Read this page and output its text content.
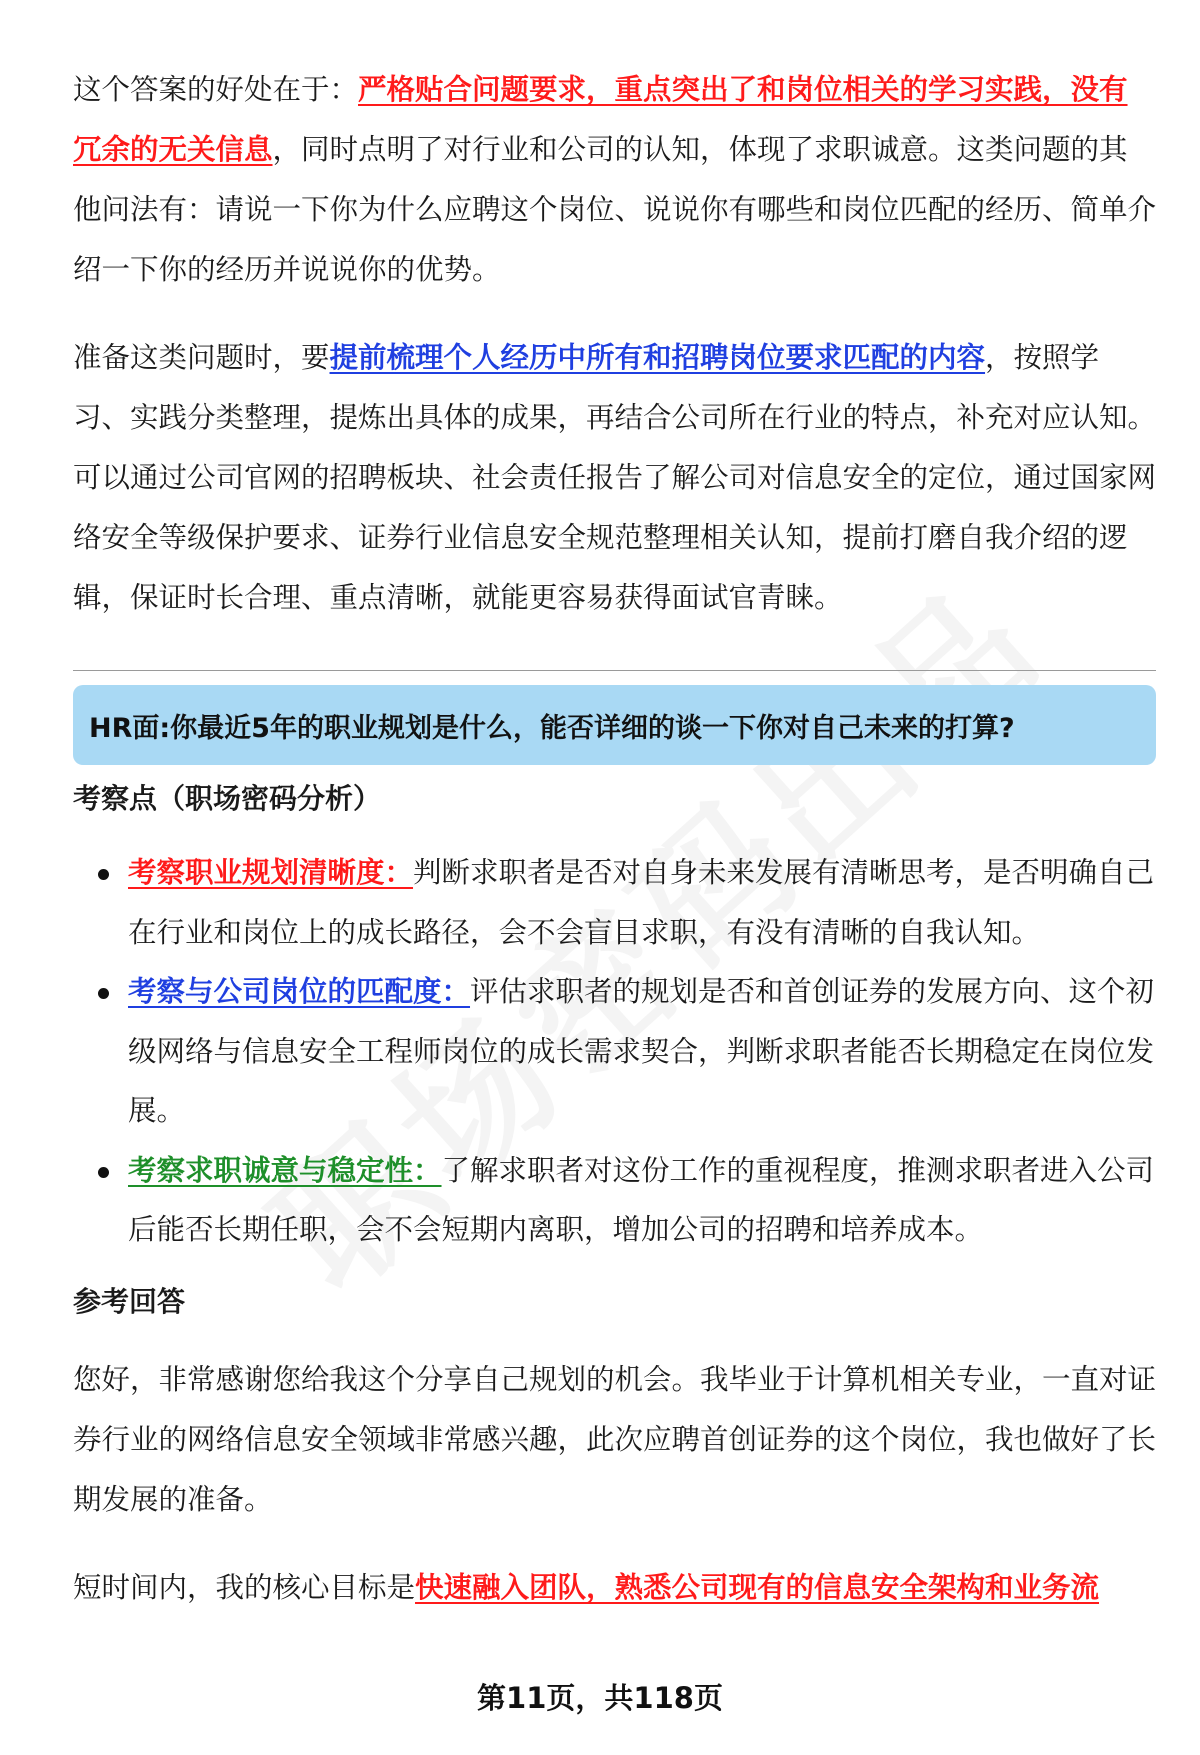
这个答案的好处在于：严格贴合问题要求，重点突出了和岗位相关的学习实践，没有冗余的无关信息，同时点明了对行业和公司的认知，体现了求职诚意。这类问题的其他问法有：请说一下你为什么应聘这个岗位、说说你有哪些和岗位匹配的经历、简单介绍一下你的经历并说说你的优势。

准备这类问题时，要提前梳理个人经历中所有和招聘岗位要求匹配的内容，按照学习、实践分类整理，提炼出具体的成果，再结合公司所在行业的特点，补充对应认知。可以通过公司官网的招聘板块、社会责任报告了解公司对信息安全的定位，通过国家网络安全等级保护要求、证券行业信息安全规范整理相关认知，提前打磨自我介绍的逻辑，保证时长合理、重点清晰，就能更容易获得面试官青睐。

HR面:你最近5年的职业规划是什么，能否详细的谈一下你对自己未来的打算?

考察点（职场密码分析）

考察职业规划清晰度：判断求职者是否对自身未来发展有清晰思考，是否明确自己在行业和岗位上的成长路径，会不会盲目求职，有没有清晰的自我认知。
考察与公司岗位的匹配度：评估求职者的规划是否和首创证券的发展方向、这个初级网络与信息安全工程师岗位的成长需求契合，判断求职者能否长期稳定在岗位发展。
考察求职诚意与稳定性：了解求职者对这份工作的重视程度，推测求职者进入公司后能否长期任职，会不会短期内离职，增加公司的招聘和培养成本。

参考回答

您好，非常感谢您给我这个分享自己规划的机会。我毕业于计算机相关专业，一直对证券行业的网络信息安全领域非常感兴趣，此次应聘首创证券的这个岗位，我也做好了长期发展的准备。

短时间内，我的核心目标是快速融入团队，熟悉公司现有的信息安全架构和业务流

第11页，共118页
